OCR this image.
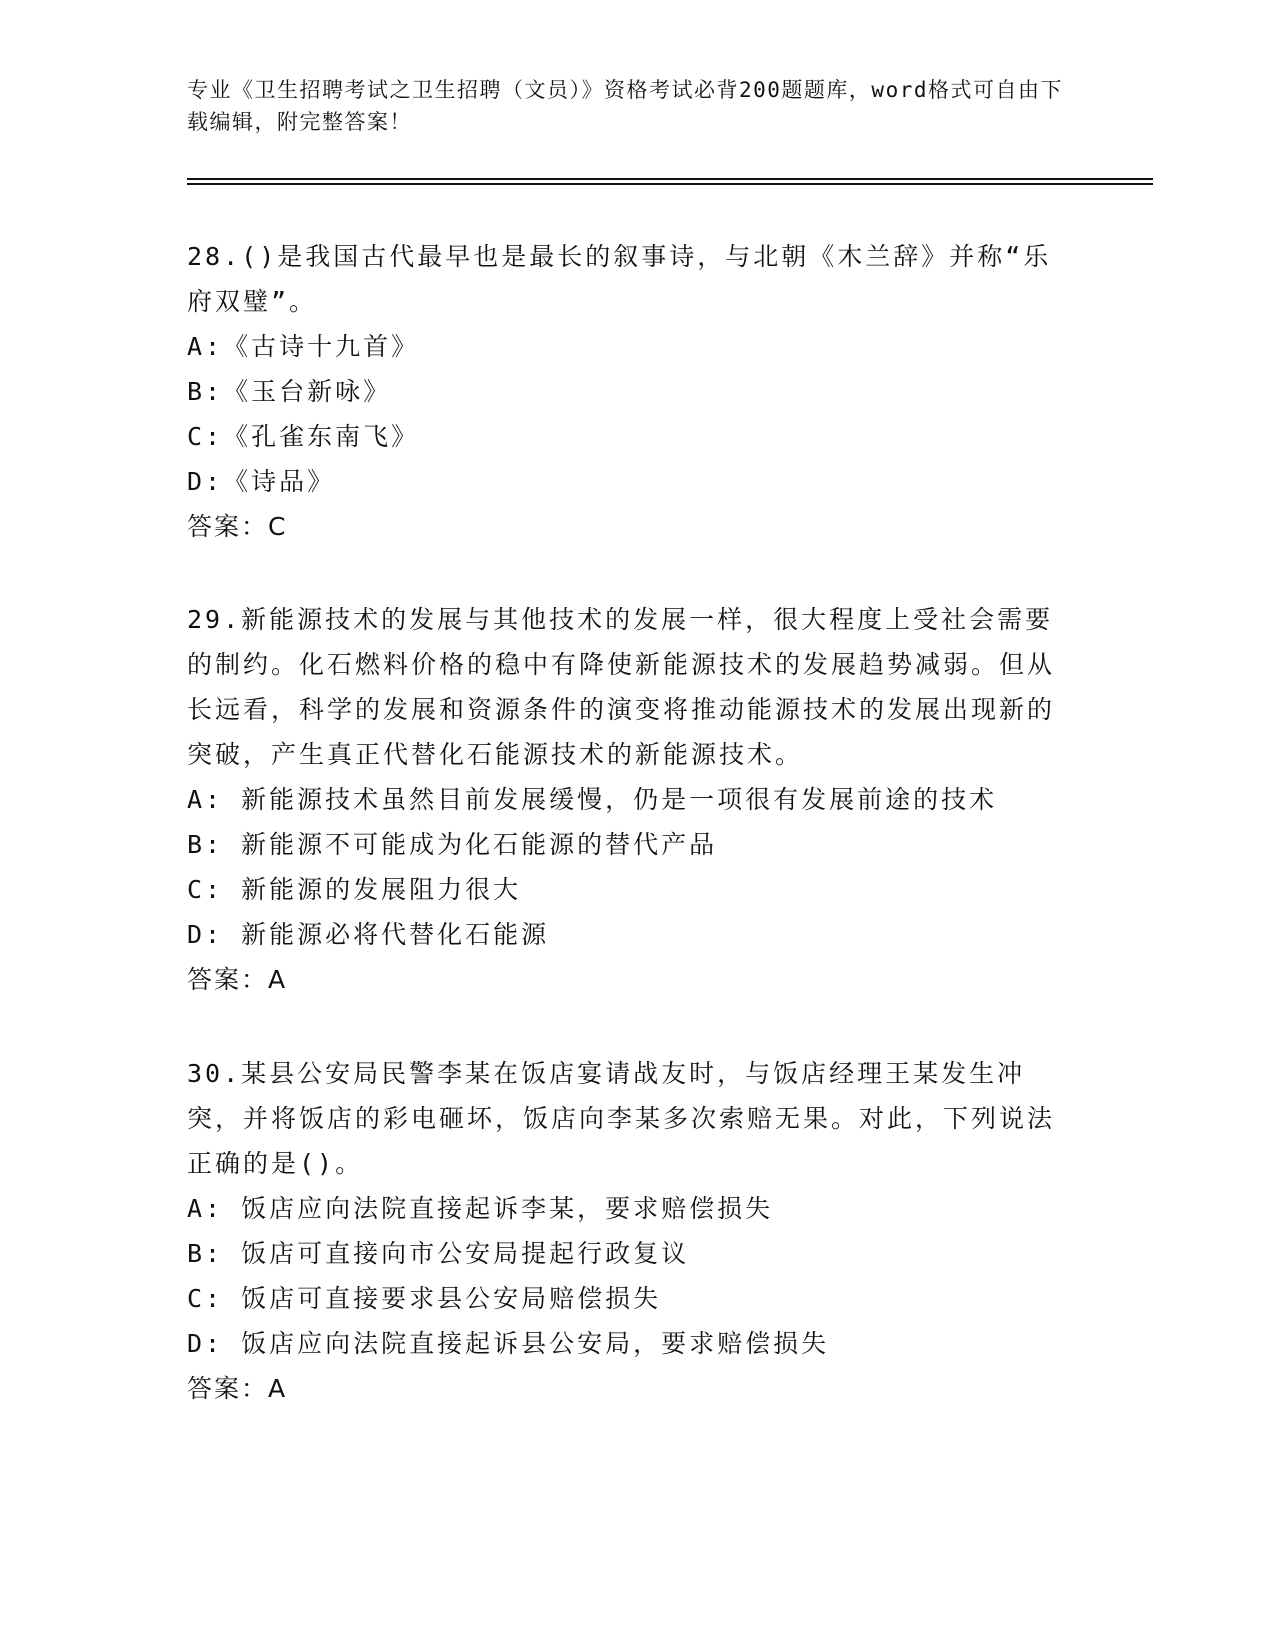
专业《卫生招聘考试之卫生招聘（文员）》资格考试必背200题题库，word格式可自由下载编辑，附完整答案！

28.()是我国古代最早也是最长的叙事诗，与北朝《木兰辞》并称“乐府双璧”。

A:《古诗十九首》

B:《玉台新咏》

C:《孔雀东南飞》

D:《诗品》

答案：C

29.新能源技术的发展与其他技术的发展一样，很大程度上受社会需要的制约。化石燃料价格的稳中有降使新能源技术的发展趋势减弱。但从长远看，科学的发展和资源条件的演变将推动能源技术的发展出现新的突破，产生真正代替化石能源技术的新能源技术。

A: 新能源技术虽然目前发展缓慢，仍是一项很有发展前途的技术

B: 新能源不可能成为化石能源的替代产品

C: 新能源的发展阻力很大

D: 新能源必将代替化石能源

答案：A

30.某县公安局民警李某在饭店宴请战友时，与饭店经理王某发生冲突，并将饭店的彩电砸坏，饭店向李某多次索赔无果。对此，下列说法正确的是()。

A: 饭店应向法院直接起诉李某，要求赔偿损失

B: 饭店可直接向市公安局提起行政复议

C: 饭店可直接要求县公安局赔偿损失

D: 饭店应向法院直接起诉县公安局，要求赔偿损失

答案：A
